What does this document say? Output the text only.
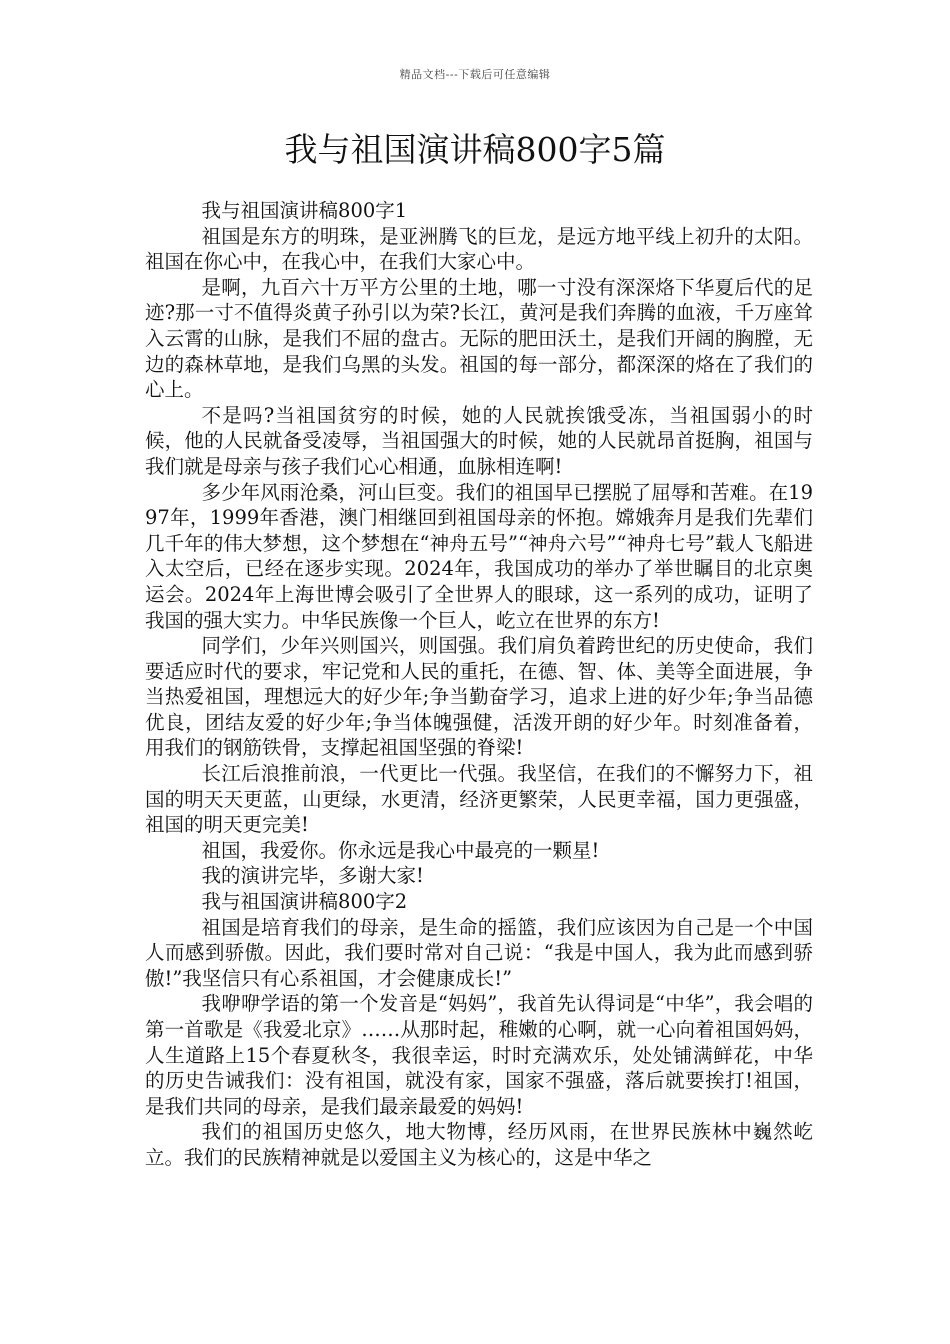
精品文档---下载后可任意编辑
我与祖国演讲稿800字5篇

我与祖国演讲稿800字1

祖国是东方的明珠，是亚洲腾飞的巨龙，是远方地平线上初升的太阳。祖国在你心中，在我心中，在我们大家心中。

是啊，九百六十万平方公里的土地，哪一寸没有深深烙下华夏后代的足迹?那一寸不值得炎黄子孙引以为荣?长江，黄河是我们奔腾的血液，千万座耸入云霄的山脉，是我们不屈的盘古。无际的肥田沃土，是我们开阔的胸膛，无边的森林草地，是我们乌黑的头发。祖国的每一部分，都深深的烙在了我们的心上。

不是吗?当祖国贫穷的时候，她的人民就挨饿受冻，当祖国弱小的时候，他的人民就备受凌辱，当祖国强大的时候，她的人民就昂首挺胸，祖国与我们就是母亲与孩子我们心心相通，血脉相连啊!

多少年风雨沧桑，河山巨变。我们的祖国早已摆脱了屈辱和苦难。在1997年，1999年香港，澳门相继回到祖国母亲的怀抱。嫦娥奔月是我们先辈们几千年的伟大梦想，这个梦想在“神舟五号”“神舟六号”“神舟七号”载人飞船进入太空后，已经在逐步实现。2024年，我国成功的举办了举世瞩目的北京奥运会。2024年上海世博会吸引了全世界人的眼球，这一系列的成功，证明了我国的强大实力。中华民族像一个巨人，屹立在世界的东方!

同学们，少年兴则国兴，则国强。我们肩负着跨世纪的历史使命，我们要适应时代的要求，牢记党和人民的重托，在德、智、体、美等全面进展，争当热爱祖国，理想远大的好少年;争当勤奋学习，追求上进的好少年;争当品德优良，团结友爱的好少年;争当体魄强健，活泼开朗的好少年。时刻准备着，用我们的钢筋铁骨，支撑起祖国坚强的脊梁!

长江后浪推前浪，一代更比一代强。我坚信，在我们的不懈努力下，祖国的明天天更蓝，山更绿，水更清，经济更繁荣，人民更幸福，国力更强盛，祖国的明天更完美!

祖国，我爱你。你永远是我心中最亮的一颗星!

我的演讲完毕，多谢大家!

我与祖国演讲稿800字2

祖国是培育我们的母亲，是生命的摇篮，我们应该因为自己是一个中国人而感到骄傲。因此，我们要时常对自己说：“我是中国人，我为此而感到骄傲!”我坚信只有心系祖国，才会健康成长!”

我咿咿学语的第一个发音是“妈妈”，我首先认得词是“中华”，我会唱的第一首歌是《我爱北京》……从那时起，稚嫩的心啊，就一心向着祖国妈妈，人生道路上15个春夏秋冬，我很幸运，时时充满欢乐，处处铺满鲜花，中华的历史告诫我们：没有祖国，就没有家，国家不强盛，落后就要挨打!祖国，是我们共同的母亲，是我们最亲最爱的妈妈!

我们的祖国历史悠久，地大物博，经历风雨，在世界民族林中巍然屹立。我们的民族精神就是以爱国主义为核心的，这是中华之
